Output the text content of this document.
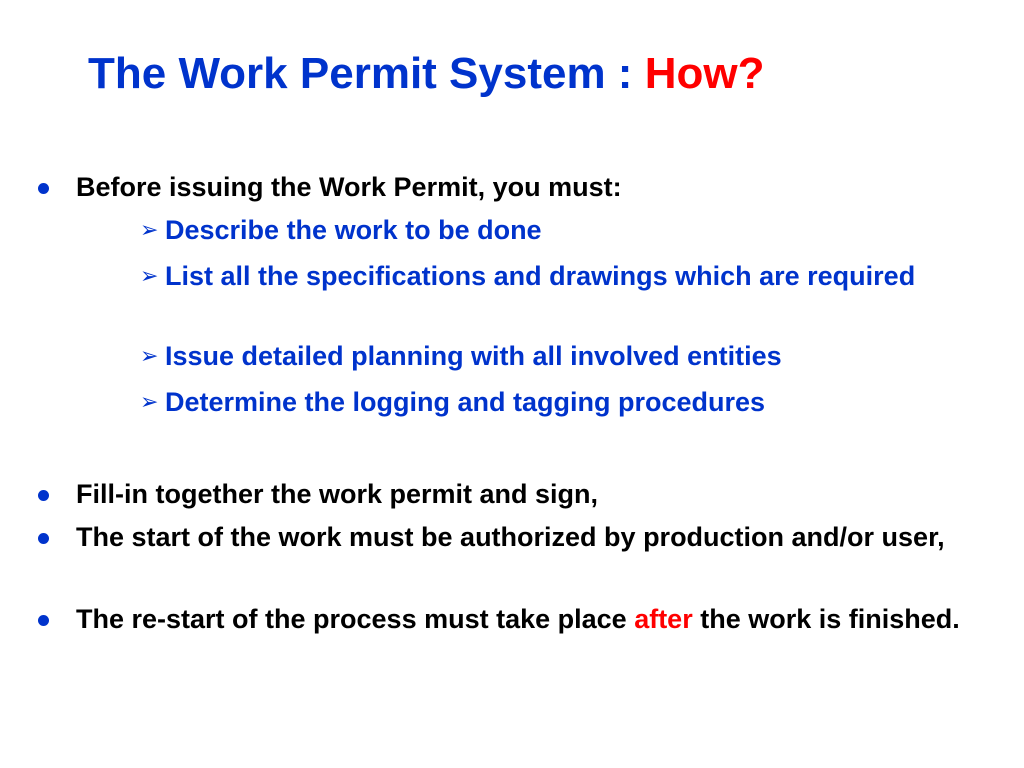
The Work Permit System : How?
Before issuing the Work Permit, you must:
➢ Describe the work to be done
➢ List all the specifications and drawings which are required
➢ Issue detailed planning with all involved entities
➢ Determine the logging and tagging procedures
Fill-in together the work permit and sign,
The start of the work must be authorized by production and/or user,
The re-start of the process must take place after the work is finished.
